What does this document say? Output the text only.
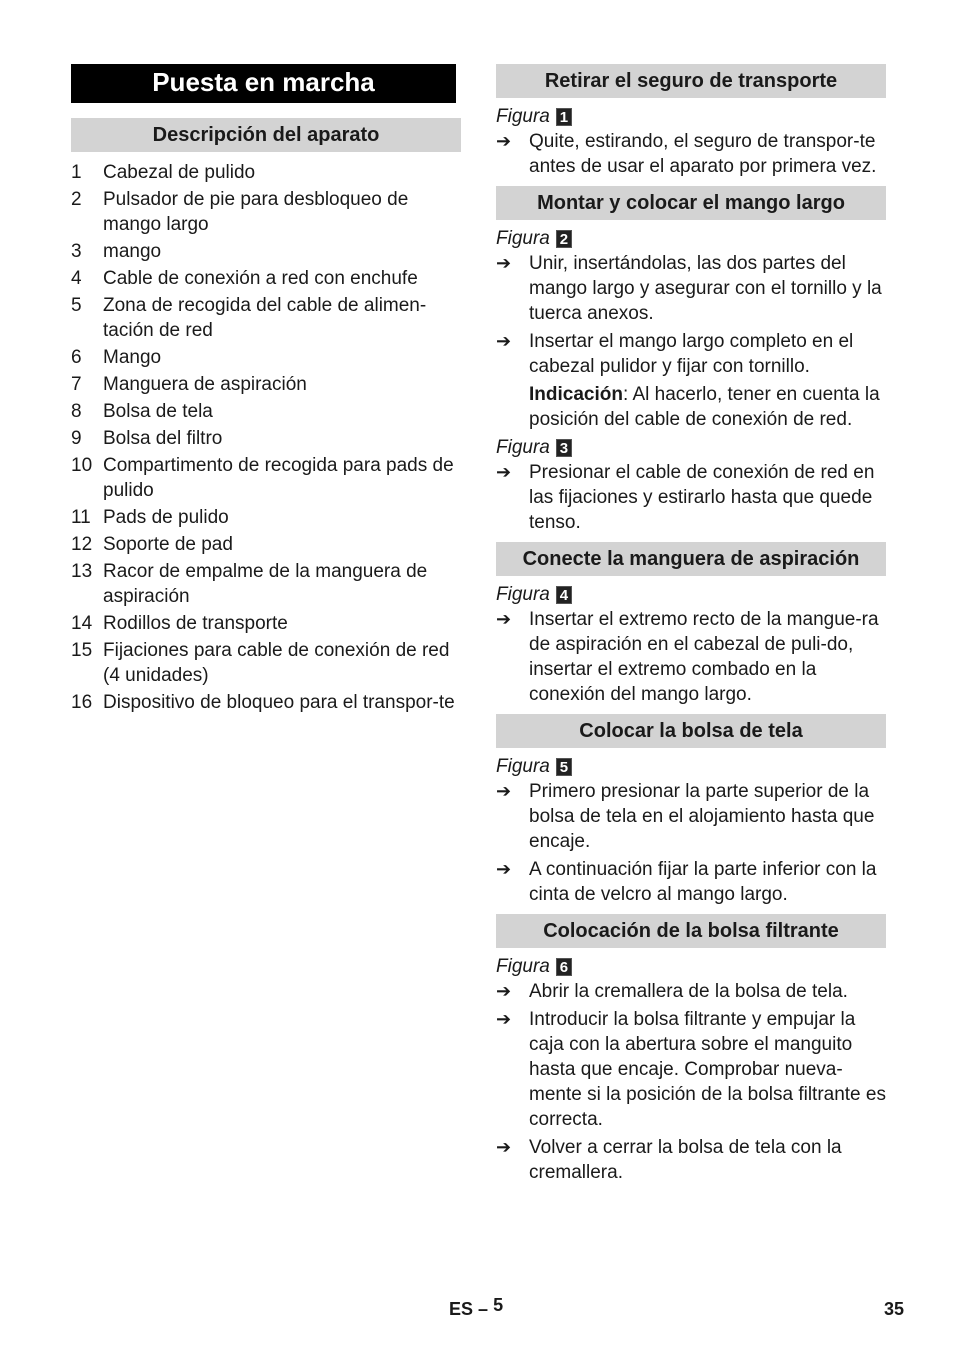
Puesta en marcha
Descripción del aparato
1	Cabezal de pulido
2	Pulsador de pie para desbloqueo de mango largo
3	mango
4	Cable de conexión a red con enchufe
5	Zona de recogida del cable de alimen-tación de red
6	Mango
7	Manguera de aspiración
8	Bolsa de tela
9	Bolsa del filtro
10 Compartimento de recogida para pads de pulido
11 Pads de pulido
12 Soporte de pad
13 Racor de empalme de la manguera de aspiración
14 Rodillos de transporte
15 Fijaciones para cable de conexión de red (4 unidades)
16 Dispositivo de bloqueo para el transpor-te
Retirar el seguro de transporte
Figura 1
➔ Quite, estirando, el seguro de transpor-te antes de usar el aparato por primera vez.
Montar y colocar el mango largo
Figura 2
➔ Unir, insertándolas, las dos partes del mango largo y asegurar con el tornillo y la tuerca anexos.
➔ Insertar el mango largo completo en el cabezal pulidor y fijar con tornillo.
Indicación: Al hacerlo, tener en cuenta la posición del cable de conexión de red.
Figura 3
➔ Presionar el cable de conexión de red en las fijaciones y estirarlo hasta que quede tenso.
Conecte la manguera de aspiración
Figura 4
➔ Insertar el extremo recto de la mangue-ra de aspiración en el cabezal de puli-do, insertar el extremo combado en la conexión del mango largo.
Colocar la bolsa de tela
Figura 5
➔ Primero presionar la parte superior de la bolsa de tela en el alojamiento hasta que encaje.
➔ A continuación fijar la parte inferior con la cinta de velcro al mango largo.
Colocación de la bolsa filtrante
Figura 6
➔ Abrir la cremallera de la bolsa de tela.
➔ Introducir la bolsa filtrante y empujar la caja con la abertura sobre el manguito hasta que encaje. Comprobar nueva-mente si la posición de la bolsa filtrante es correcta.
➔ Volver a cerrar la bolsa de tela con la cremallera.
ES – 5	35
